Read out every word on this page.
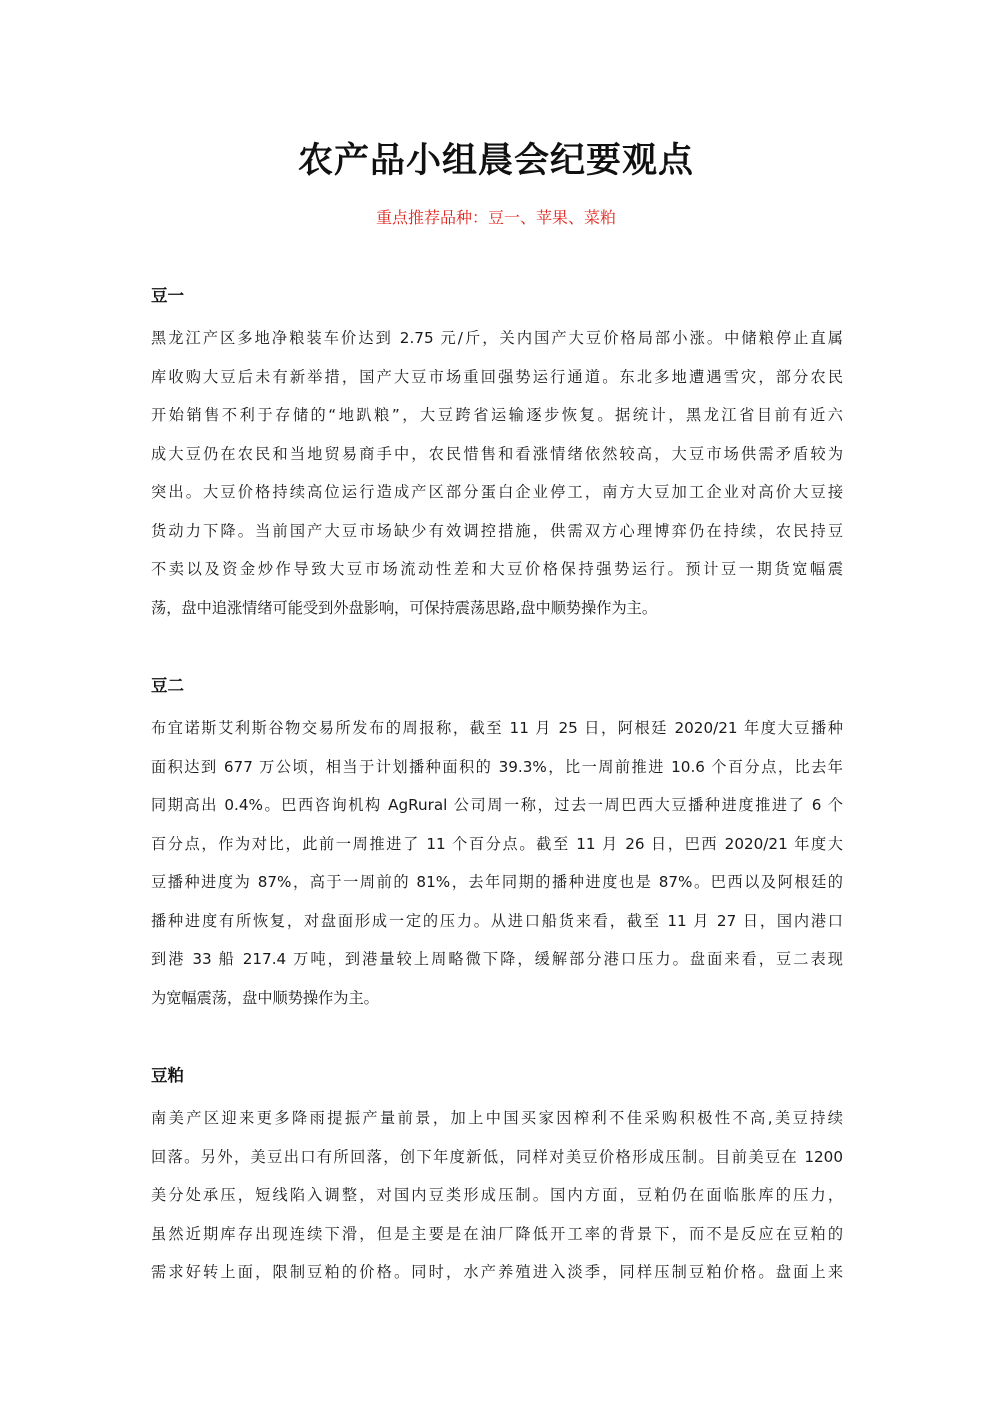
农产品小组晨会纪要观点
重点推荐品种：豆一、苹果、菜粕
豆一
黑龙江产区多地净粮装车价达到 2.75 元/斤，关内国产大豆价格局部小涨。中储粮停止直属
库收购大豆后未有新举措，国产大豆市场重回强势运行通道。东北多地遭遇雪灾，部分农民
开始销售不利于存储的“地趴粮”，大豆跨省运输逐步恢复。据统计，黑龙江省目前有近六
成大豆仍在农民和当地贸易商手中，农民惜售和看涨情绪依然较高，大豆市场供需矛盾较为
突出。大豆价格持续高位运行造成产区部分蛋白企业停工，南方大豆加工企业对高价大豆接
货动力下降。当前国产大豆市场缺少有效调控措施，供需双方心理博弈仍在持续，农民持豆
不卖以及资金炒作导致大豆市场流动性差和大豆价格保持强势运行。预计豆一期货宽幅震
荡，盘中追涨情绪可能受到外盘影响，可保持震荡思路,盘中顺势操作为主。
豆二
布宜诺斯艾利斯谷物交易所发布的周报称，截至 11 月 25 日，阿根廷 2020/21 年度大豆播种
面积达到 677 万公顷，相当于计划播种面积的 39.3%，比一周前推进 10.6 个百分点，比去年
同期高出 0.4%。巴西咨询机构 AgRural 公司周一称，过去一周巴西大豆播种进度推进了 6 个
百分点，作为对比，此前一周推进了 11 个百分点。截至 11 月 26 日，巴西 2020/21 年度大
豆播种进度为 87%，高于一周前的 81%，去年同期的播种进度也是 87%。巴西以及阿根廷的
播种进度有所恢复，对盘面形成一定的压力。从进口船货来看，截至 11 月 27 日，国内港口
到港 33 船 217.4 万吨，到港量较上周略微下降，缓解部分港口压力。盘面来看，豆二表现
为宽幅震荡，盘中顺势操作为主。
豆粕
南美产区迎来更多降雨提振产量前景，加上中国买家因榨利不佳采购积极性不高,美豆持续
回落。另外，美豆出口有所回落，创下年度新低，同样对美豆价格形成压制。目前美豆在 1200
美分处承压，短线陷入调整，对国内豆类形成压制。国内方面，豆粕仍在面临胀库的压力，
虽然近期库存出现连续下滑，但是主要是在油厂降低开工率的背景下，而不是反应在豆粕的
需求好转上面，限制豆粕的价格。同时，水产养殖进入淡季，同样压制豆粕价格。盘面上来
